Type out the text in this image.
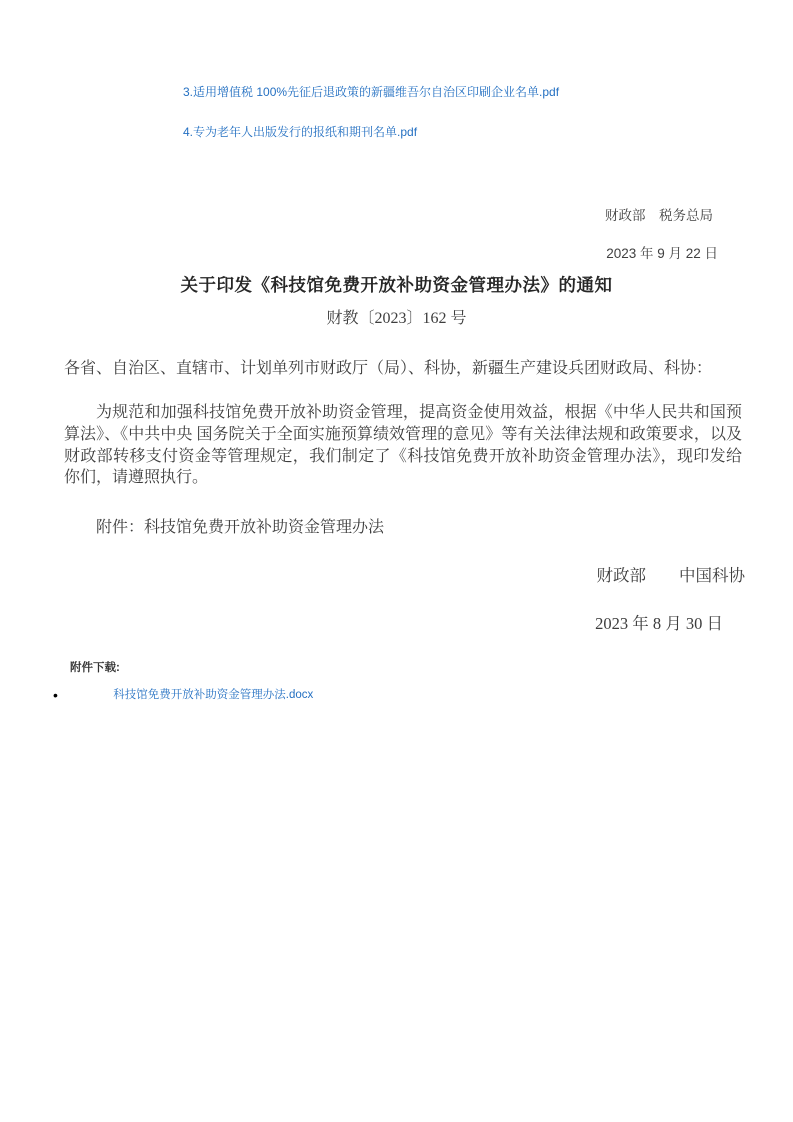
3.适用增值税 100%先征后退政策的新疆维吾尔自治区印刷企业名单.pdf
4.专为老年人出版发行的报纸和期刊名单.pdf
财政部　税务总局
2023 年 9 月 22 日
关于印发《科技馆免费开放补助资金管理办法》的通知
财教〔2023〕162 号
各省、自治区、直辖市、计划单列市财政厅（局）、科协，新疆生产建设兵团财政局、科协：
为规范和加强科技馆免费开放补助资金管理，提高资金使用效益，根据《中华人民共和国预算法》、《中共中央 国务院关于全面实施预算绩效管理的意见》等有关法律法规和政策要求，以及财政部转移支付资金等管理规定，我们制定了《科技馆免费开放补助资金管理办法》，现印发给你们，请遵照执行。
附件：科技馆免费开放补助资金管理办法
财政部　　中国科协
2023 年 8 月 30 日
附件下载:
•	科技馆免费开放补助资金管理办法.docx
